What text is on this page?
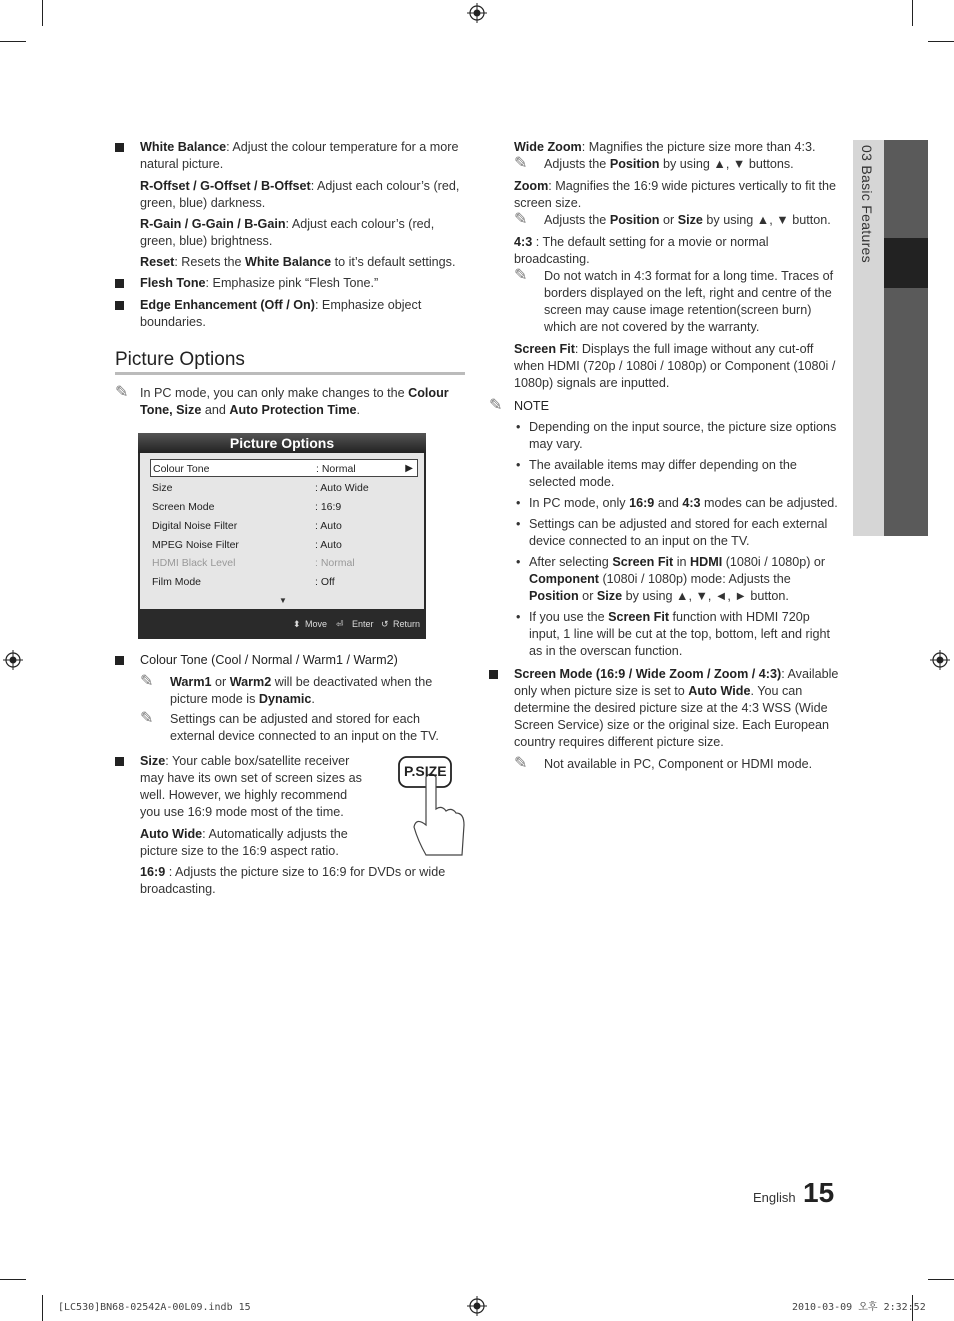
03 Basic Features
White Balance: Adjust the colour temperature for a more natural picture.

R-Offset / G-Offset / B-Offset: Adjust each colour’s (red, green, blue) darkness.

R-Gain / G-Gain / B-Gain: Adjust each colour’s (red, green, blue) brightness.

Reset: Resets the White Balance to it’s default settings.

Flesh Tone: Emphasize pink “Flesh Tone.”
Edge Enhancement (Off / On): Emphasize object boundaries.
Picture Options
✎ In PC mode, you can only make changes to the Colour Tone, Size and Auto Protection Time.
Picture Options
Colour Tone	: Normal	▶
Size	: Auto Wide
Screen Mode	: 16:9
Digital Noise Filter	: Auto
MPEG Noise Filter	: Auto
HDMI Black Level	: Normal
Film Mode	: Off
▼
⬍ Move ⏎ Enter ↺ Return
Colour Tone (Cool / Normal / Warm1 / Warm2)
✎ Warm1 or Warm2 will be deactivated when the picture mode is Dynamic.
✎ Settings can be adjusted and stored for each external device connected to an input on the TV.
Size: Your cable box/satellite receiver may have its own set of screen sizes as well. However, we highly recommend you use 16:9 mode most of the time.

Auto Wide: Automatically adjusts the picture size to the 16:9 aspect ratio.

16:9 : Adjusts the picture size to 16:9 for DVDs or wide broadcasting.

P.SIZE

Wide Zoom: Magnifies the picture size more than 4:3.

✎ Adjusts the Position by using ▲, ▼ buttons.

Zoom: Magnifies the 16:9 wide pictures vertically to fit the screen size.

✎ Adjusts the Position or Size by using ▲, ▼ button.

4:3 : The default setting for a movie or normal broadcasting.

✎ Do not watch in 4:3 format for a long time. Traces of borders displayed on the left, right and centre of the screen may cause image retention(screen burn) which are not covered by the warranty.

Screen Fit: Displays the full image without any cut-off when HDMI (720p / 1080i / 1080p) or Component (1080i / 1080p) signals are inputted.

✎ NOTE
• Depending on the input source, the picture size options may vary.
• The available items may differ depending on the selected mode.
• In PC mode, only 16:9 and 4:3 modes can be adjusted.
• Settings can be adjusted and stored for each external device connected to an input on the TV.
• After selecting Screen Fit in HDMI (1080i / 1080p) or Component (1080i / 1080p) mode: Adjusts the Position or Size by using ▲, ▼, ◄, ► button.
• If you use the Screen Fit function with HDMI 720p input, 1 line will be cut at the top, bottom, left and right as in the overscan function.
Screen Mode (16:9 / Wide Zoom / Zoom / 4:3): Available only when picture size is set to Auto Wide. You can determine the desired picture size at the 4:3 WSS (Wide Screen Service) size or the original size. Each European country requires different picture size.
✎ Not available in PC, Component or HDMI mode.
English 15
[LC530]BN68-02542A-00L09.indb 15	2010-03-09 오후 2:32:52
